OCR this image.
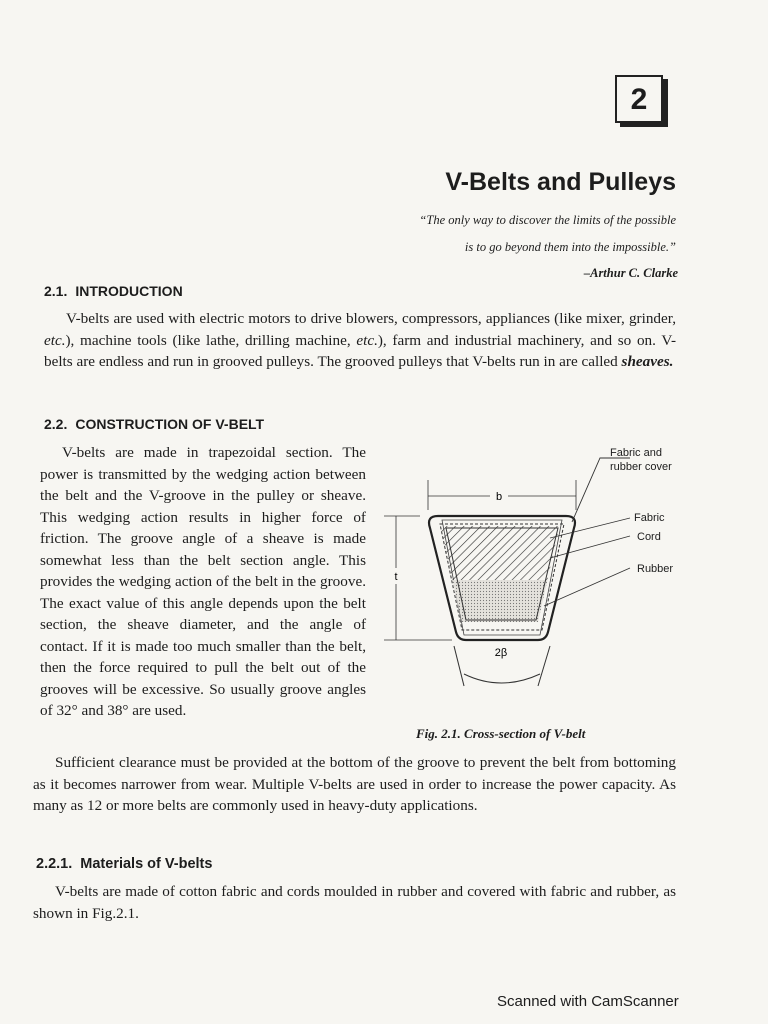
2
V-Belts and Pulleys
“The only way to discover the limits of the possible
is to go beyond them into the impossible.”
–Arthur C. Clarke
2.1. INTRODUCTION

V-belts are used with electric motors to drive blowers, compressors, appliances (like mixer, grinder, etc.), machine tools (like lathe, drilling machine, etc.), farm and industrial machinery, and so on. V-belts are endless and run in grooved pulleys. The grooved pulleys that V-belts run in are called sheaves.

2.2. CONSTRUCTION OF V-BELT

V-belts are made in trapezoidal section. The power is transmitted by the wedging action between the belt and the V-groove in the pulley or sheave. This wedging action results in higher force of friction. The groove angle of a sheave is made somewhat less than the belt section angle. This provides the wedging action of the belt in the groove. The exact value of this angle depends upon the belt section, the sheave diameter, and the angle of contact. If it is made too much smaller than the belt, then the force required to pull the belt out of the grooves will be excessive. So usually groove angles of 32° and 38° are used.

b
t
2β
Fabric and
rubber cover
Fabric
Cord
Rubber
Fig. 2.1. Cross-section of V-belt

Sufficient clearance must be provided at the bottom of the groove to prevent the belt from bottoming as it becomes narrower from wear. Multiple V-belts are used in order to increase the power capacity. As many as 12 or more belts are commonly used in heavy-duty applications.

2.2.1. Materials of V-belts

V-belts are made of cotton fabric and cords moulded in rubber and covered with fabric and rubber, as shown in Fig.2.1.

Scanned with CamScanner
